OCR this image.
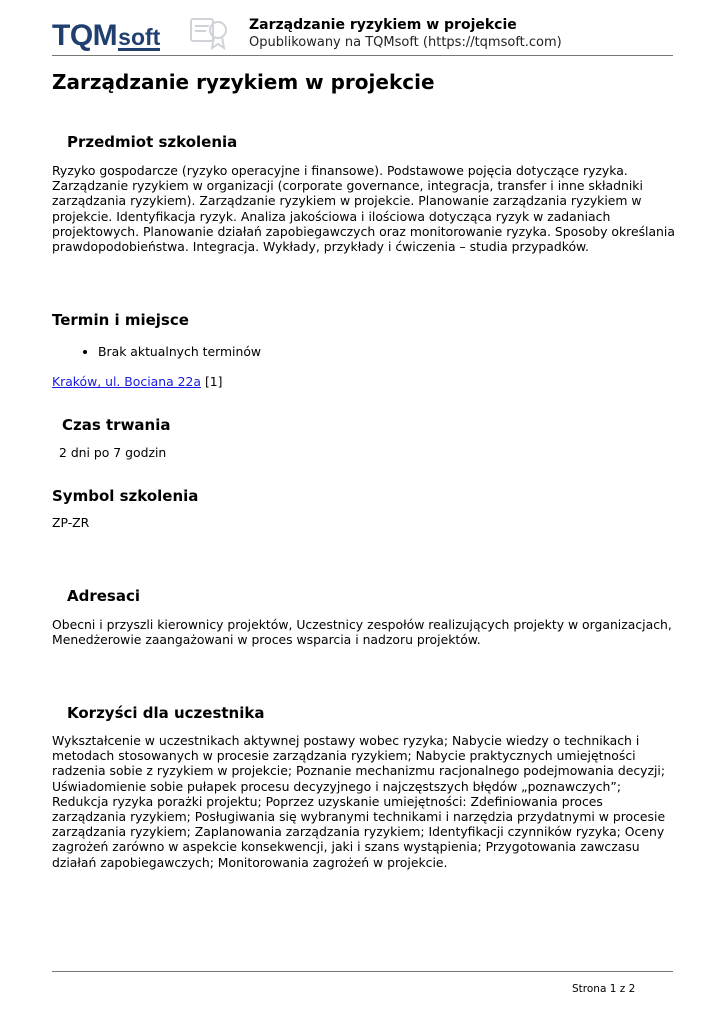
TQM soft	Zarządzanie ryzykiem w projekcie
Opublikowany na TQMsoft (https://tqmsoft.com)
Zarządzanie ryzykiem w projekcie
Przedmiot szkolenia
Ryzyko gospodarcze (ryzyko operacyjne i finansowe). Podstawowe pojęcia dotyczące ryzyka. Zarządzanie ryzykiem w organizacji (corporate governance, integracja, transfer i inne składniki zarządzania ryzykiem). Zarządzanie ryzykiem w projekcie. Planowanie zarządzania ryzykiem w projekcie. Identyfikacja ryzyk. Analiza jakościowa i ilościowa dotycząca ryzyk w zadaniach projektowych. Planowanie działań zapobiegawczych oraz monitorowanie ryzyka. Sposoby określania prawdopodobieństwa. Integracja. Wykłady, przykłady i ćwiczenia – studia przypadków.
Termin i miejsce
• Brak aktualnych terminów
Kraków, ul. Bociana 22a [1]
Czas trwania
2 dni po 7 godzin
Symbol szkolenia
ZP-ZR
Adresaci
Obecni i przyszli kierownicy projektów, Uczestnicy zespołów realizujących projekty w organizacjach, Menedżerowie zaangażowani w proces wsparcia i nadzoru projektów.
Korzyści dla uczestnika
Wykształcenie w uczestnikach aktywnej postawy wobec ryzyka; Nabycie wiedzy o technikach i metodach stosowanych w procesie zarządzania ryzykiem; Nabycie praktycznych umiejętności radzenia sobie z ryzykiem w projekcie; Poznanie mechanizmu racjonalnego podejmowania decyzji; Uświadomienie sobie pułapek procesu decyzyjnego i najczęstszych błędów „poznawczych”; Redukcja ryzyka porażki projektu; Poprzez uzyskanie umiejętności: Zdefiniowania proces zarządzania ryzykiem; Posługiwania się wybranymi technikami i narzędzia przydatnymi w procesie zarządzania ryzykiem; Zaplanowania zarządzania ryzykiem; Identyfikacji czynników ryzyka; Oceny zagrożeń zarówno w aspekcie konsekwencji, jaki i szans wystąpienia; Przygotowania zawczasu działań zapobiegawczych; Monitorowania zagrożeń w projekcie.
Strona 1 z 2
